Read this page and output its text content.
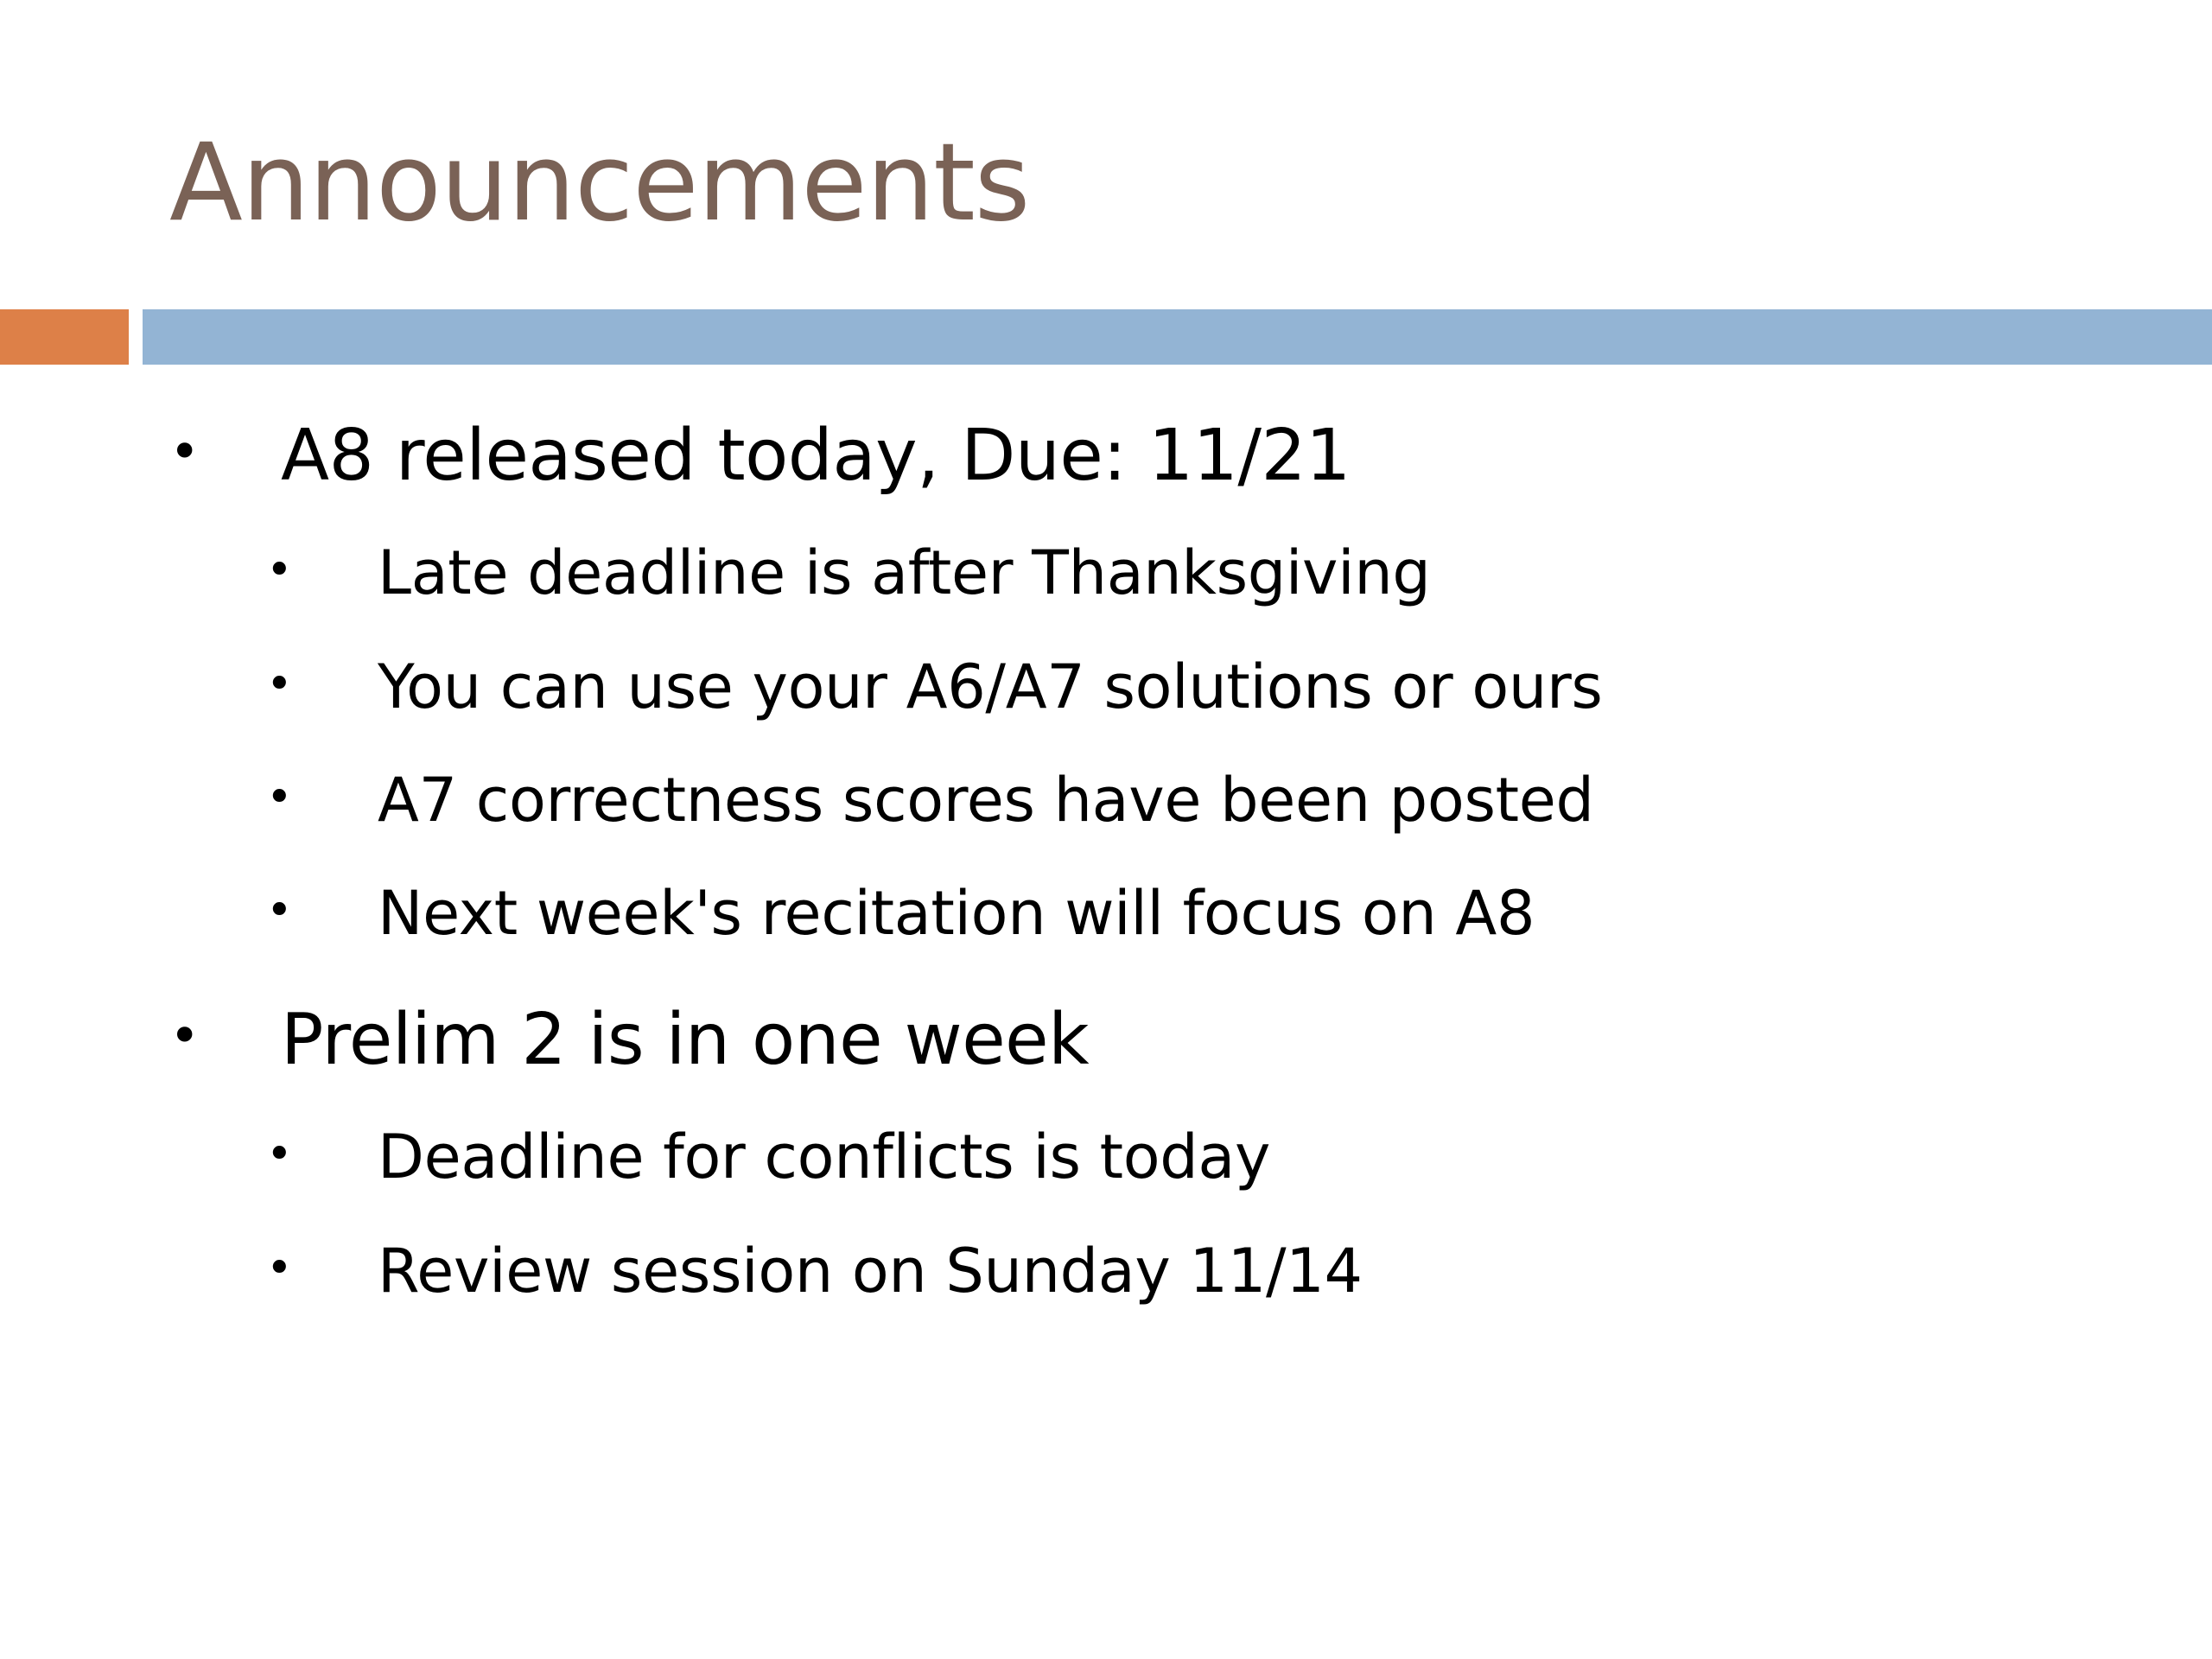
Announcements
• A8 released today, Due: 11/21
• Late deadline is after Thanksgiving
• You can use your A6/A7 solutions or ours
• A7 correctness scores have been posted
• Next week's recitation will focus on A8
• Prelim 2 is in one week
• Deadline for conflicts is today
• Review session on Sunday 11/14
